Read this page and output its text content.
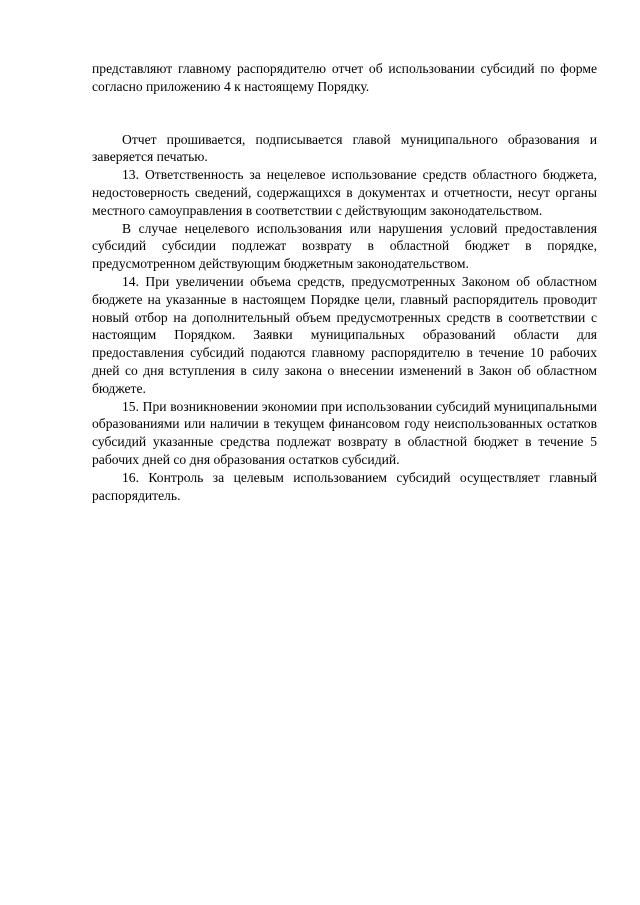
представляют главному распорядителю отчет об использовании субсидий по форме согласно приложению 4 к настоящему Порядку.

Отчет прошивается, подписывается главой муниципального образования и заверяется печатью.

13. Ответственность за нецелевое использование средств областного бюджета, недостоверность сведений, содержащихся в документах и отчетности, несут органы местного самоуправления в соответствии с действующим законодательством.

В случае нецелевого использования или нарушения условий предоставления субсидий субсидии подлежат возврату в областной бюджет в порядке, предусмотренном действующим бюджетным законодательством.

14. При увеличении объема средств, предусмотренных Законом об областном бюджете на указанные в настоящем Порядке цели, главный распорядитель проводит новый отбор на дополнительный объем предусмотренных средств в соответствии с настоящим Порядком. Заявки муниципальных образований области для предоставления субсидий подаются главному распорядителю в течение 10 рабочих дней со дня вступления в силу закона о внесении изменений в Закон об областном бюджете.

15. При возникновении экономии при использовании субсидий муниципальными образованиями или наличии в текущем финансовом году неиспользованных остатков субсидий указанные средства подлежат возврату в областной бюджет в течение 5 рабочих дней со дня образования остатков субсидий.

16. Контроль за целевым использованием субсидий осуществляет главный распорядитель.
